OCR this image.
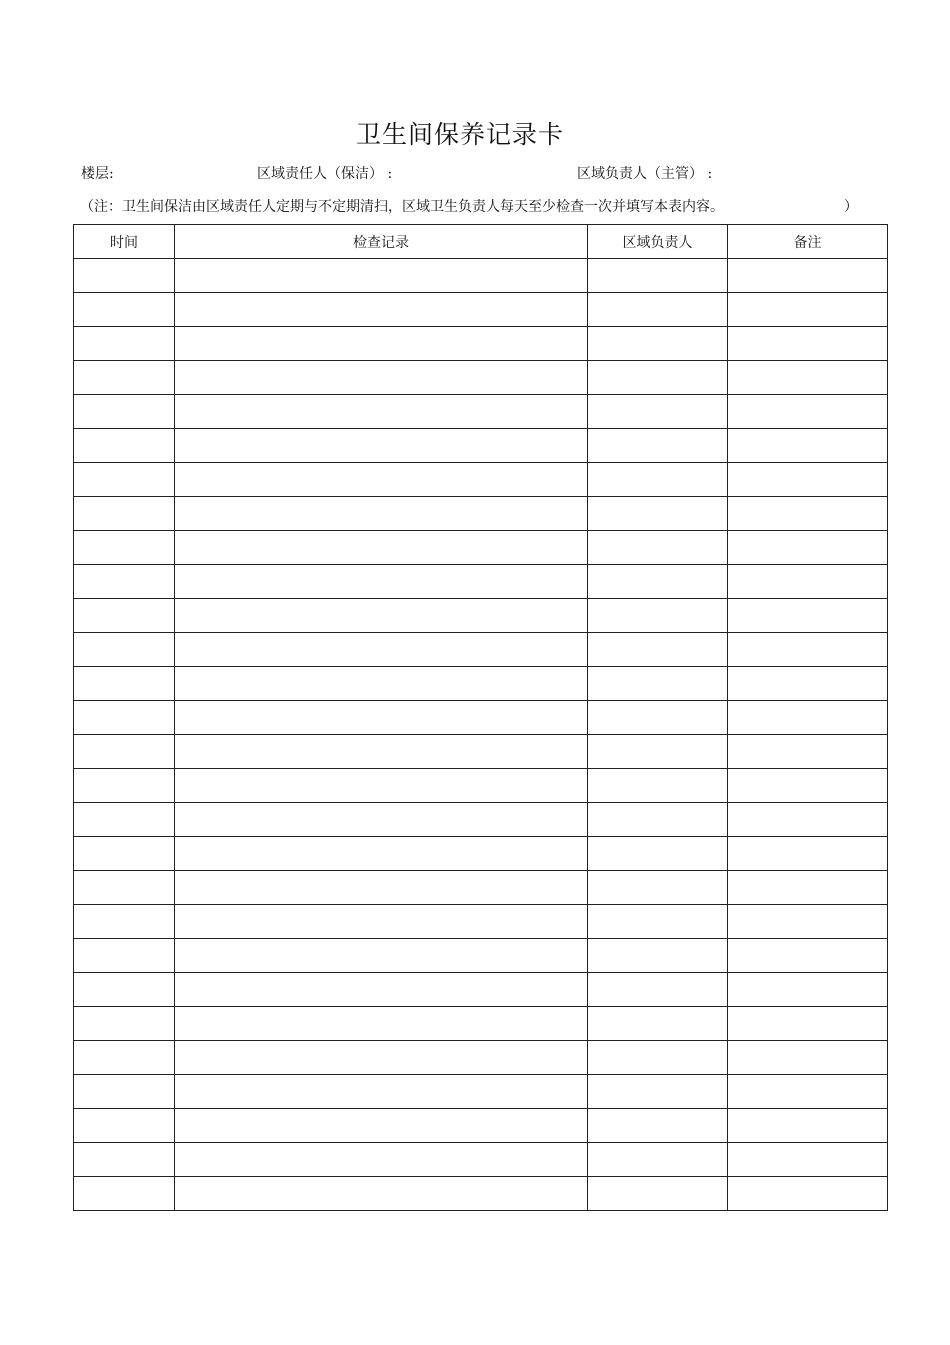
卫生间保养记录卡
楼层:	区域责任人（保洁） :	区域负责人（主管） :
（注：卫生间保洁由区域责任人定期与不定期清扫，区域卫生负责人每天至少检查一次并填写本表内容。	）
时间	检查记录	区域负责人	备注
